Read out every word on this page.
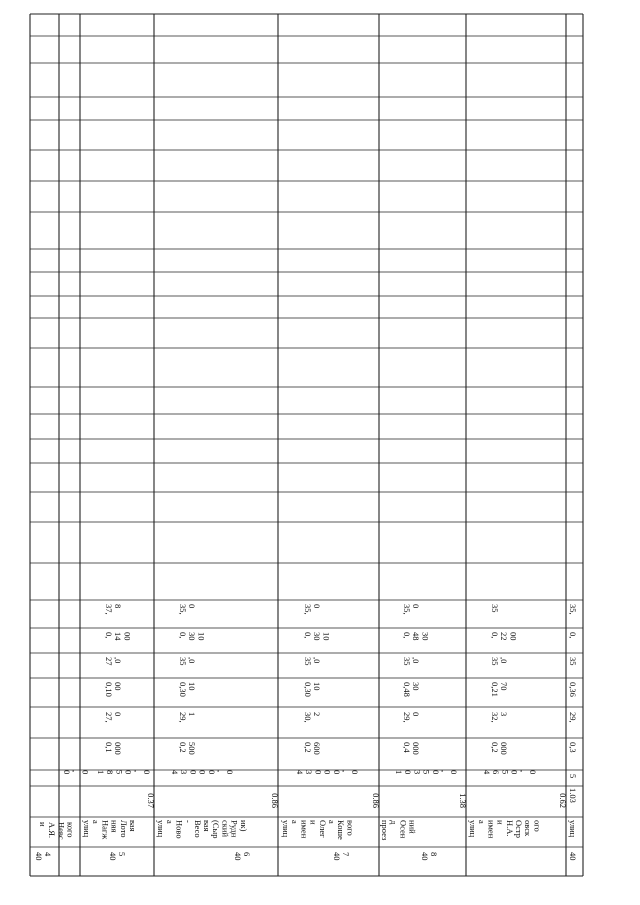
и А.Я. Невс кого
0 , 0
40 4
улиц а Нагж няя Лото вая
0.37
1 8 5 0 , 0
0,1 000
27, 0
0,10 00
27 ,0
0, 14 00
37, 8
40 5
улиц а Ново - Весо вая (Сыр ский Рудн ик)
0.86
4 3 0 0 0 , 0
0,2 500
29, 1
0,30 10
35 ,0
0, 30 10
35, 0
40 6
улиц а имен и Олег а Коше вого
0.86
4 3 0 0 0 , 0
0,2 600
30, 2
0,30 10
35 ,0
0, 30 10
35, 0
40 7
проез д Осен ний
1.38
1 0 3 5 0 , 0
0,4 000
29, 0
0,48 30
35 ,0
0, 48 30
35, 0
40 8
улиц а имен и Н.А. Остр овск ого
0.62
4 6 5 0 , 0
0,2 000
32, 3
0,21 70
35 ,0
0, 22 00
35
40
улиц
1.03
5
0,3
29,
0,36
35
0,
35,
